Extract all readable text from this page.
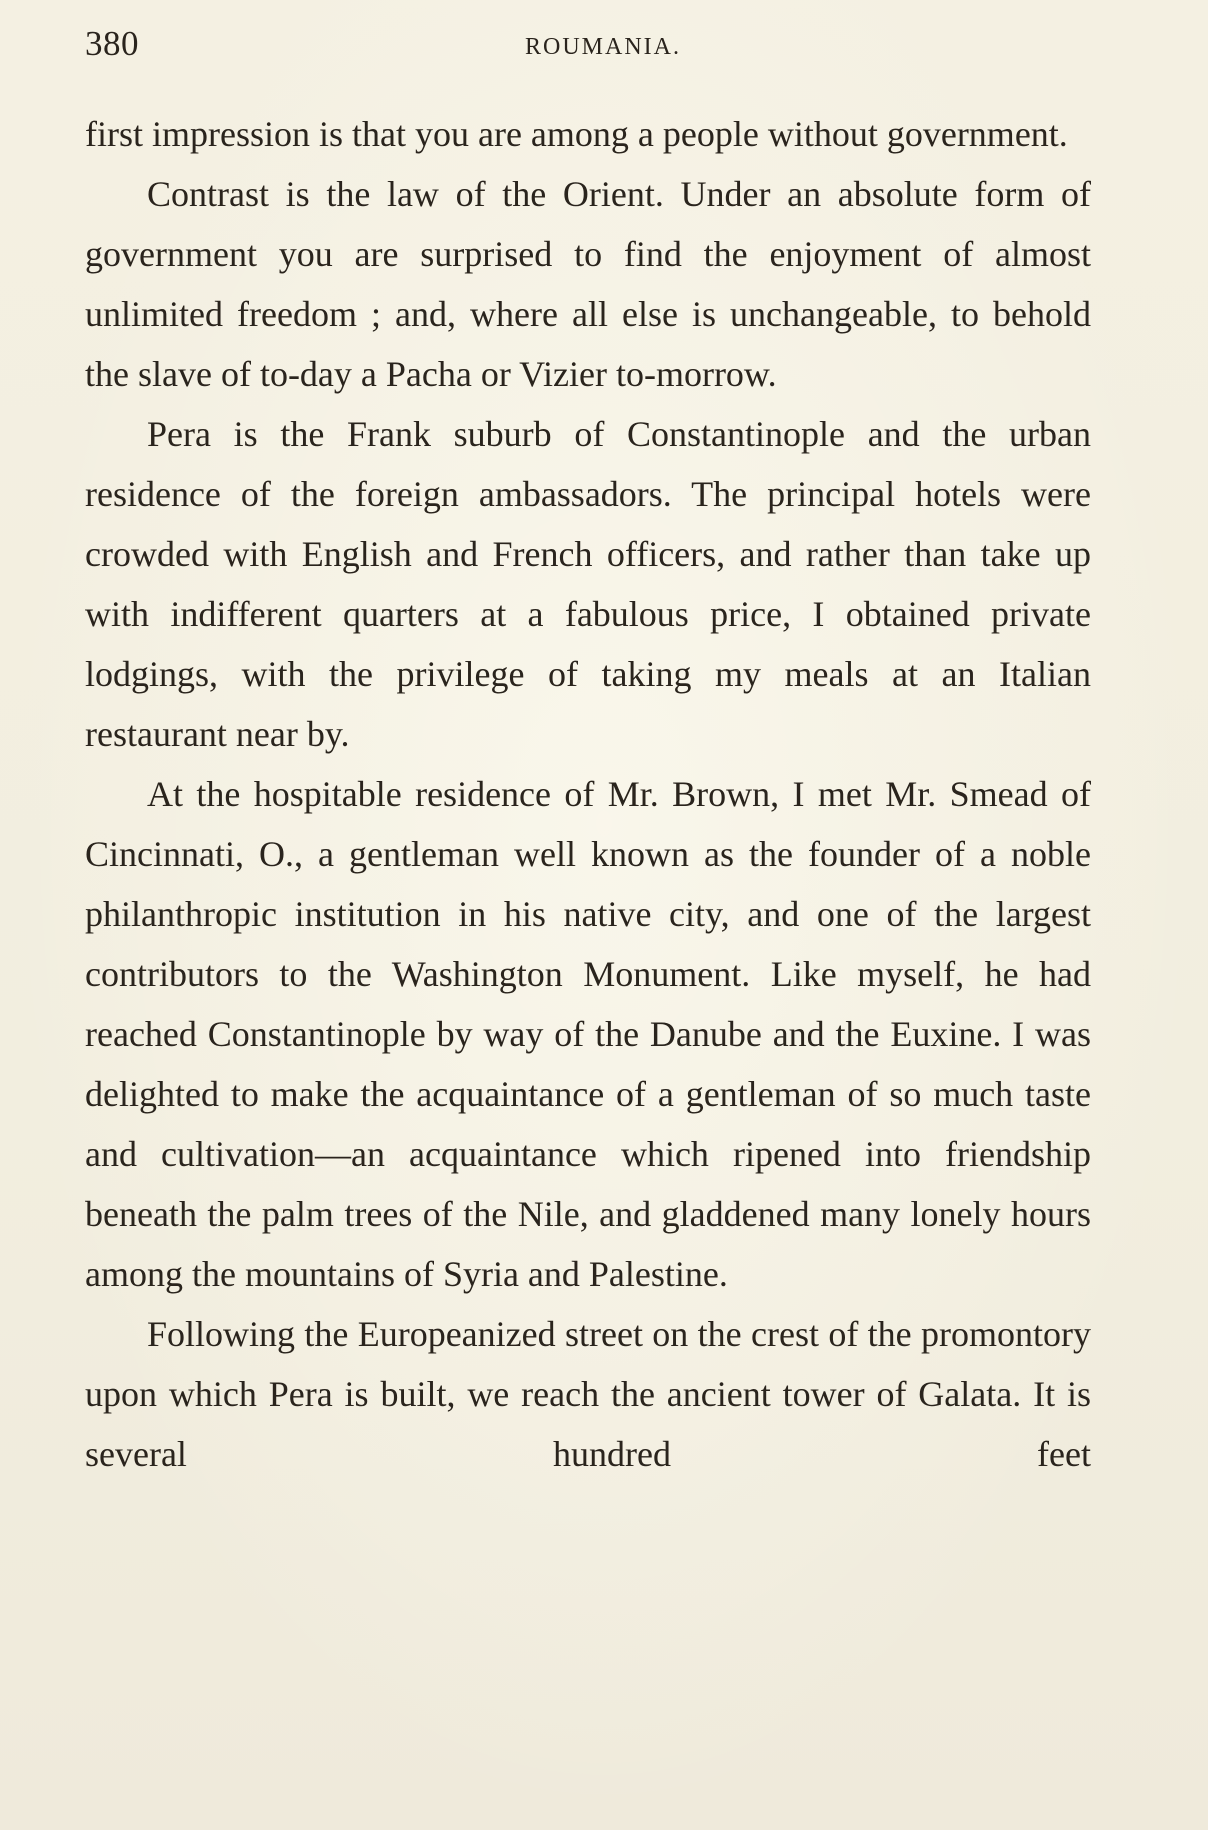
380	ROUMANIA.

first impression is that you are among a people without government.

Contrast is the law of the Orient. Under an absolute form of government you are surprised to find the enjoyment of almost unlimited freedom ; and, where all else is unchangeable, to behold the slave of to-day a Pacha or Vizier to-morrow.

Pera is the Frank suburb of Constantinople and the urban residence of the foreign ambassadors. The principal hotels were crowded with English and French officers, and rather than take up with indifferent quarters at a fabulous price, I obtained private lodgings, with the privilege of taking my meals at an Italian restaurant near by.

At the hospitable residence of Mr. Brown, I met Mr. Smead of Cincinnati, O., a gentleman well known as the founder of a noble philanthropic institution in his native city, and one of the largest contributors to the Washington Monument. Like myself, he had reached Constantinople by way of the Danube and the Euxine. I was delighted to make the acquaintance of a gentleman of so much taste and cultivation—an acquaintance which ripened into friendship beneath the palm trees of the Nile, and gladdened many lonely hours among the mountains of Syria and Palestine.

Following the Europeanized street on the crest of the promontory upon which Pera is built, we reach the ancient tower of Galata. It is several hundred feet
